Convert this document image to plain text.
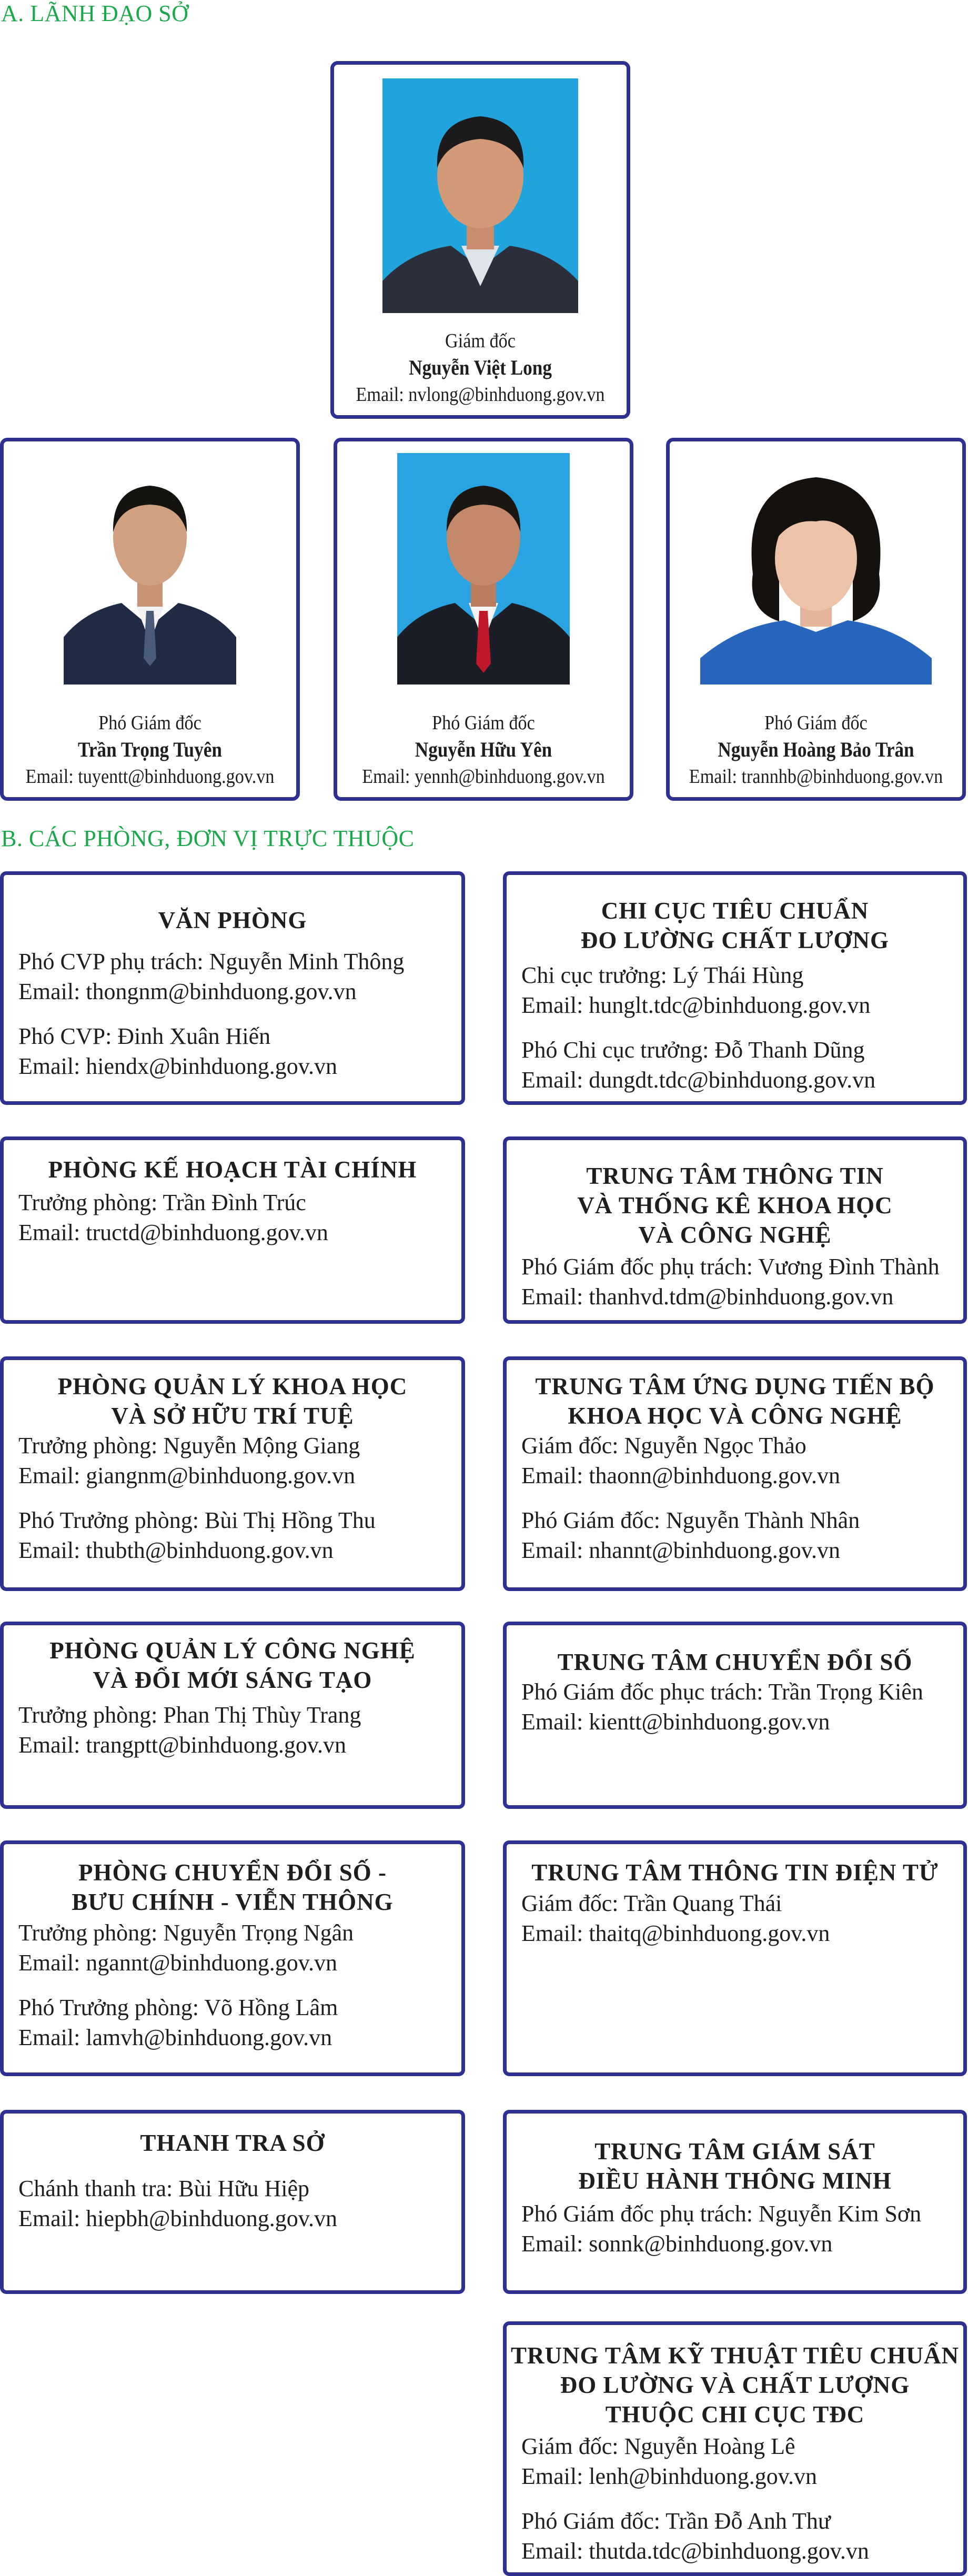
A. LÃNH ĐẠO SỞ
Giám đốc
Nguyễn Việt Long
Email: nvlong@binhduong.gov.vn
Phó Giám đốc
Trần Trọng Tuyên
Email: tuyentt@binhduong.gov.vn
Phó Giám đốc
Nguyễn Hữu Yên
Email: yennh@binhduong.gov.vn
Phó Giám đốc
Nguyễn Hoàng Bảo Trân
Email: trannhb@binhduong.gov.vn
B. CÁC PHÒNG, ĐƠN VỊ TRỰC THUỘC
VĂN PHÒNG
Phó CVP phụ trách: Nguyễn Minh Thông
Email: thongnm@binhduong.gov.vn
Phó CVP: Đinh Xuân Hiến
Email: hiendx@binhduong.gov.vn
CHI CỤC TIÊU CHUẨN
ĐO LƯỜNG CHẤT LƯỢNG
Chi cục trưởng: Lý Thái Hùng
Email: hunglt.tdc@binhduong.gov.vn
Phó Chi cục trưởng: Đỗ Thanh Dũng
Email: dungdt.tdc@binhduong.gov.vn
PHÒNG KẾ HOẠCH TÀI CHÍNH
Trưởng phòng: Trần Đình Trúc
Email: tructd@binhduong.gov.vn
TRUNG TÂM THÔNG TIN
VÀ THỐNG KÊ KHOA HỌC
VÀ CÔNG NGHỆ
Phó Giám đốc phụ trách: Vương Đình Thành
Email: thanhvd.tdm@binhduong.gov.vn
PHÒNG QUẢN LÝ KHOA HỌC
VÀ SỞ HỮU TRÍ TUỆ
Trưởng phòng: Nguyễn Mộng Giang
Email: giangnm@binhduong.gov.vn
Phó Trưởng phòng: Bùi Thị Hồng Thu
Email: thubth@binhduong.gov.vn
TRUNG TÂM ỨNG DỤNG TIẾN BỘ
KHOA HỌC VÀ CÔNG NGHỆ
Giám đốc: Nguyễn Ngọc Thảo
Email: thaonn@binhduong.gov.vn
Phó Giám đốc: Nguyễn Thành Nhân
Email: nhannt@binhduong.gov.vn
PHÒNG QUẢN LÝ CÔNG NGHỆ
VÀ ĐỔI MỚI SÁNG TẠO
Trưởng phòng: Phan Thị Thùy Trang
Email: trangptt@binhduong.gov.vn
TRUNG TÂM CHUYỂN ĐỔI SỐ
Phó Giám đốc phục trách: Trần Trọng Kiên
Email: kientt@binhduong.gov.vn
PHÒNG CHUYỂN ĐỔI SỐ -
BƯU CHÍNH - VIỄN THÔNG
Trưởng phòng: Nguyễn Trọng Ngân
Email: ngannt@binhduong.gov.vn
Phó Trưởng phòng: Võ Hồng Lâm
Email: lamvh@binhduong.gov.vn
TRUNG TÂM THÔNG TIN ĐIỆN TỬ
Giám đốc: Trần Quang Thái
Email: thaitq@binhduong.gov.vn
THANH TRA SỞ
Chánh thanh tra: Bùi Hữu Hiệp
Email: hiepbh@binhduong.gov.vn
TRUNG TÂM GIÁM SÁT
ĐIỀU HÀNH THÔNG MINH
Phó Giám đốc phụ trách: Nguyễn Kim Sơn
Email: sonnk@binhduong.gov.vn
TRUNG TÂM KỸ THUẬT TIÊU CHUẨN
ĐO LƯỜNG VÀ CHẤT LƯỢNG
THUỘC CHI CỤC TĐC
Giám đốc: Nguyễn Hoàng Lê
Email: lenh@binhduong.gov.vn
Phó Giám đốc: Trần Đỗ Anh Thư
Email: thutda.tdc@binhduong.gov.vn
